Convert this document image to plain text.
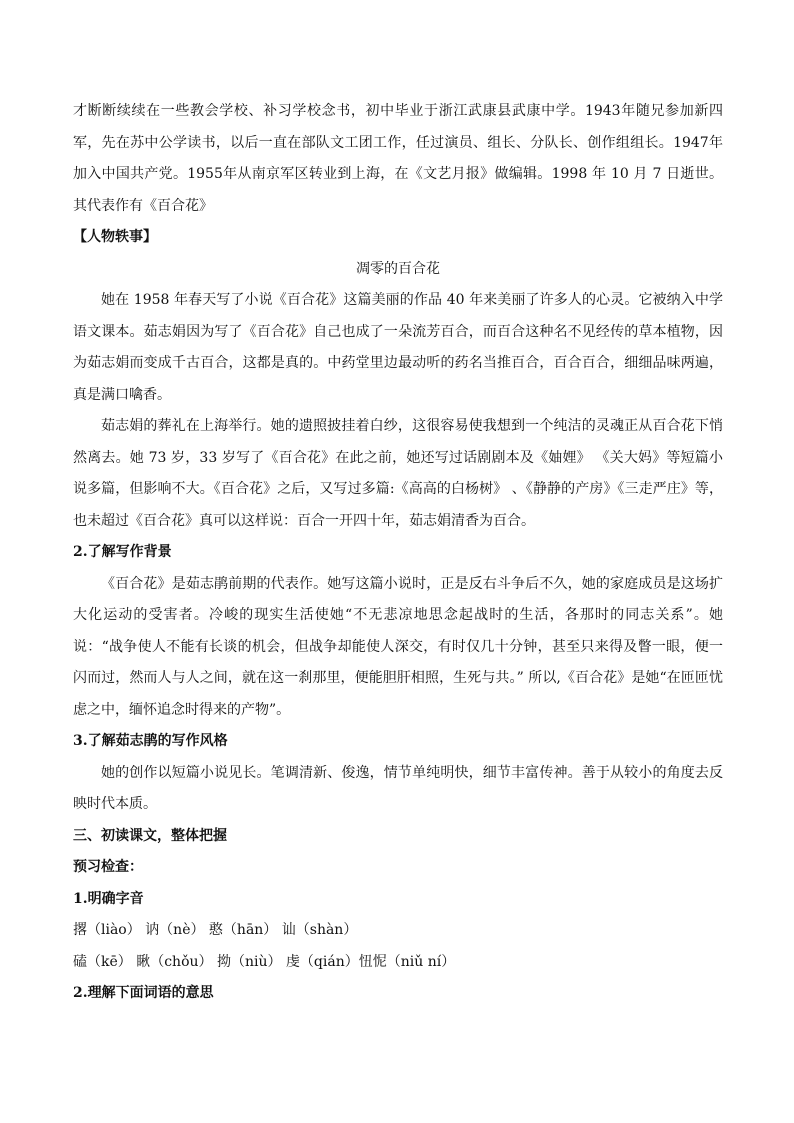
才断断续续在一些教会学校、补习学校念书，初中毕业于浙江武康县武康中学。1943年随兄参加新四军，先在苏中公学读书，以后一直在部队文工团工作，任过演员、组长、分队长、创作组组长。1947年加入中国共产党。1955年从南京军区转业到上海，在《文艺月报》做编辑。1998 年 10 月 7 日逝世。其代表作有《百合花》

【人物轶事】

凋零的百合花

她在 1958 年春天写了小说《百合花》这篇美丽的作品 40 年来美丽了许多人的心灵。它被纳入中学语文课本。茹志娟因为写了《百合花》自己也成了一朵流芳百合，而百合这种名不见经传的草本植物，因为茹志娟而变成千古百合，这都是真的。中药堂里边最动听的药名当推百合，百合百合，细细品味两遍，真是满口噙香。

茹志娟的葬礼在上海举行。她的遗照披挂着白纱，这很容易使我想到一个纯洁的灵魂正从百合花下悄然离去。她 73 岁，33 岁写了《百合花》在此之前，她还写过话剧剧本及《妯娌》 《关大妈》等短篇小说多篇，但影响不大。《百合花》之后，又写过多篇:《高高的白杨树》 、《静静的产房》《三走严庄》等，也未超过《百合花》真可以这样说：百合一开四十年，茹志娟清香为百合。

2.了解写作背景

《百合花》是茹志鹃前期的代表作。她写这篇小说时，正是反右斗争后不久，她的家庭成员是这场扩大化运动的受害者。冷峻的现实生活使她“不无悲凉地思念起战时的生活，各那时的同志关系”。她说：“战争使人不能有长谈的机会，但战争却能使人深交，有时仅几十分钟，甚至只来得及瞥一眼，便一闪而过，然而人与人之间，就在这一刹那里，便能胆肝相照，生死与共。” 所以,《百合花》是她“在匝匝忧虑之中，缅怀追念时得来的产物”。

3.了解茹志鹃的写作风格

她的创作以短篇小说见长。笔调清新、俊逸，情节单纯明快，细节丰富传神。善于从较小的角度去反映时代本质。

三、初读课文，整体把握

预习检查：

1.明确字音

撂（liào） 讷（nè） 憨（hān） 讪（shàn）

磕（kē） 瞅（chǒu） 拗（niù） 虔（qián）忸怩（niǔ ní）

2.理解下面词语的意思
